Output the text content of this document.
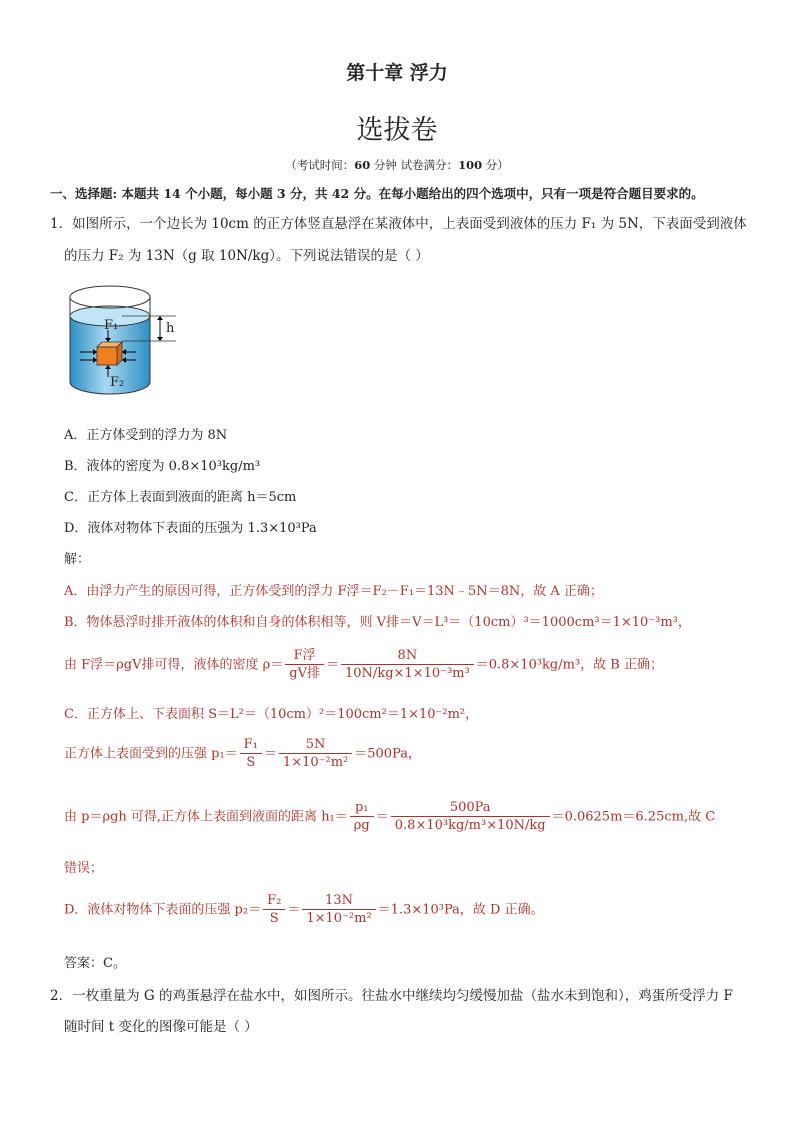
第十章 浮力
选拔卷
（考试时间：60 分钟 试卷满分：100 分）
一、选择题: 本题共 14 个小题，每小题 3 分，共 42 分。在每小题给出的四个选项中，只有一项是符合题目要求的。
1．如图所示，一个边长为 10cm 的正方体竖直悬浮在某液体中，上表面受到液体的压力 F₁ 为 5N，下表面受到液体
的压力 F₂ 为 13N（g 取 10N/kg）。下列说法错误的是（ ）
F₁
F₂
h
A．正方体受到的浮力为 8N
B．液体的密度为 0.8×10³kg/m³
C．正方体上表面到液面的距离 h＝5cm
D．液体对物体下表面的压强为 1.3×10³Pa
解：
A．由浮力产生的原因可得，正方体受到的浮力 F浮＝F₂－F₁＝13N﹣5N＝8N，故 A 正确；
B．物体悬浮时排开液体的体积和自身的体积相等，则 V排＝V＝L³＝（10cm）³＝1000cm³＝1×10⁻³m³，
由 F浮＝ρgV排可得，液体的密度 $\rho= \frac{\text{F浮}}{\text{gV排}} = \frac{8N}{\text{10N/kg×1×10⁻³m³}} =0.8\times 10^3kg/m^3$，故 B 正确；
C．正方体上、下表面积 S＝L²＝（10cm）²＝100cm²＝1×10⁻²m²，
正方体上表面受到的压强 $p_1= \frac{\text{F₁}}{S} = \frac{5N}{\text{1×10⁻²m²}} =500Pa$，
由 p＝ρgh 可得,正方体上表面到液面的距离 $h_1= \frac{\text{p₁}}{\rho g} = \frac{500Pa}{\text{0.8×10³kg/m³×10N/kg}} =0.0625m=6.25cm$,故 C
错误；
D．液体对物体下表面的压强 $p_2= \frac{\text{F₂}}{S} = \frac{13N}{\text{1×10⁻²m²}} =1.3\times 10^3Pa$，故 D 正确。
答案：C。
2．一枚重量为 G 的鸡蛋悬浮在盐水中，如图所示。往盐水中继续均匀缓慢加盐（盐水未到饱和），鸡蛋所受浮力 F
随时间 t 变化的图像可能是（ ）
